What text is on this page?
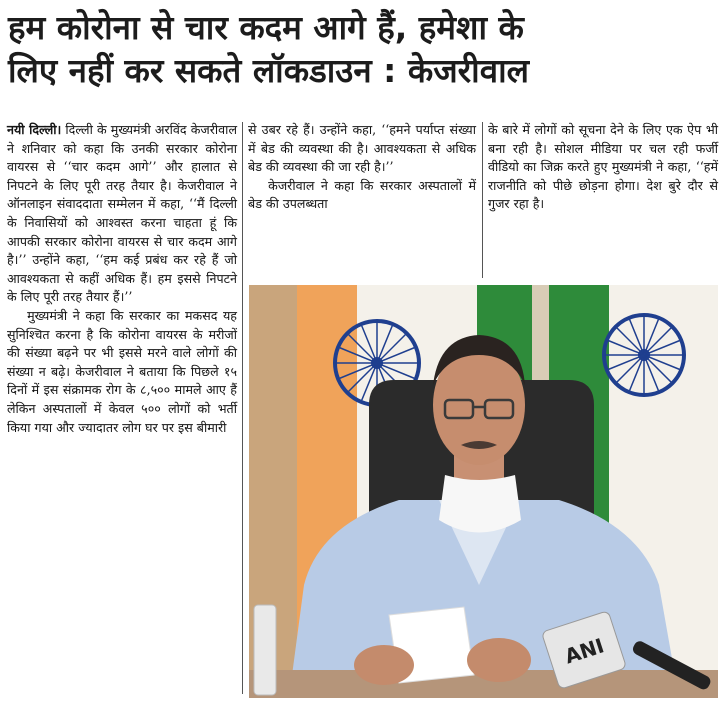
हम कोरोना से चार कदम आगे हैं, हमेशा के
लिए नहीं कर सकते लॉकडाउन : केजरीवाल

नयी दिल्ली। दिल्ली के मुख्यमंत्री अरविंद केजरीवाल ने शनिवार को कहा कि उनकी सरकार कोरोना वायरस से ‘‘चार कदम आगे’’ और हालात से निपटने के लिए पूरी तरह तैयार है। केजरीवाल ने ऑनलाइन संवाददाता सम्मेलन में कहा, ‘‘मैं दिल्ली के निवासियों को आश्वस्त करना चाहता हूं कि आपकी सरकार कोरोना वायरस से चार कदम आगे है।’’ उन्होंने कहा, ‘‘हम कई प्रबंध कर रहे हैं जो आवश्यकता से कहीं अधिक हैं। हम इससे निपटने के लिए पूरी तरह तैयार हैं।’’

मुख्यमंत्री ने कहा कि सरकार का मकसद यह सुनिश्चित करना है कि कोरोना वायरस के मरीजों की संख्या बढ़ने पर भी इससे मरने वाले लोगों की संख्या न बढ़े। केजरीवाल ने बताया कि पिछले १५ दिनों में इस संक्रामक रोग के ८,५०० मामले आए हैं लेकिन अस्पतालों में केवल ५०० लोगों को भर्ती किया गया और ज्यादातर लोग घर पर इस बीमारी

से उबर रहे हैं। उन्होंने कहा, ‘‘हमने पर्याप्त संख्या में बेड की व्यवस्था की है। आवश्यकता से अधिक बेड की व्यवस्था की जा रही है।’’

केजरीवाल ने कहा कि सरकार अस्पतालों में बेड की उपलब्धता

के बारे में लोगों को सूचना देने के लिए एक ऐप भी बना रही है। सोशल मीडिया पर चल रही फर्जी वीडियो का जिक्र करते हुए मुख्यमंत्री ने कहा, ‘‘हमें राजनीति को पीछे छोड़ना होगा। देश बुरे दौर से गुजर रहा है।

ANI
